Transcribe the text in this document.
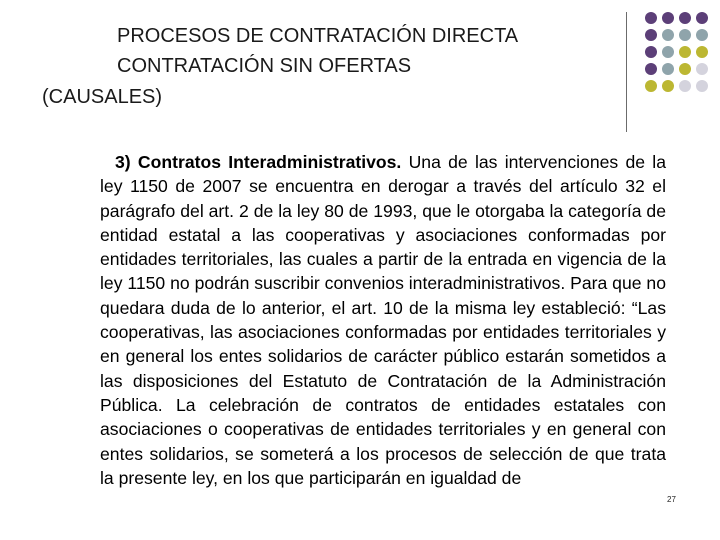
PROCESOS DE CONTRATACIÓN DIRECTA
CONTRATACIÓN SIN OFERTAS
(CAUSALES)
3) Contratos Interadministrativos. Una de las intervenciones de la ley 1150 de 2007 se encuentra en derogar a través del artículo 32 el parágrafo del art. 2 de la ley 80 de 1993, que le otorgaba la categoría de entidad estatal a las cooperativas y asociaciones conformadas por entidades territoriales, las cuales a partir de la entrada en vigencia de la ley 1150 no podrán suscribir convenios interadministrativos. Para que no quedara duda de lo anterior, el art. 10 de la misma ley estableció: “Las cooperativas, las asociaciones conformadas por entidades territoriales y en general los entes solidarios de carácter público estarán sometidos a las disposiciones del Estatuto de Contratación de la Administración Pública. La celebración de contratos de entidades estatales con asociaciones o cooperativas de entidades territoriales y en general con entes solidarios, se someterá a los procesos de selección de que trata la presente ley, en los que participarán en igualdad de
27
